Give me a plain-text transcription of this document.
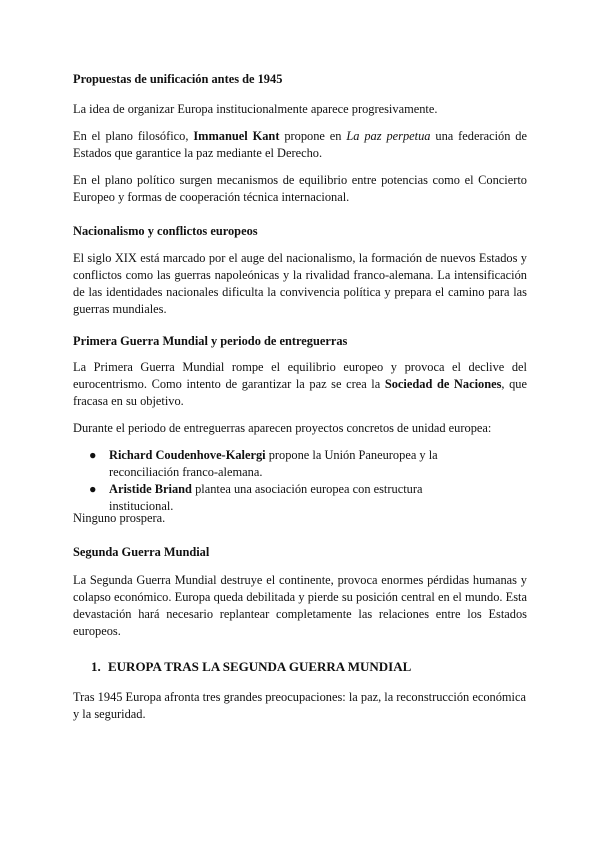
Propuestas de unificación antes de 1945

La idea de organizar Europa institucionalmente aparece progresivamente.

En el plano filosófico, Immanuel Kant propone en La paz perpetua una federación de Estados que garantice la paz mediante el Derecho.

En el plano político surgen mecanismos de equilibrio entre potencias como el Concierto Europeo y formas de cooperación técnica internacional.

Nacionalismo y conflictos europeos

El siglo XIX está marcado por el auge del nacionalismo, la formación de nuevos Estados y conflictos como las guerras napoleónicas y la rivalidad franco-alemana. La intensificación de las identidades nacionales dificulta la convivencia política y prepara el camino para las guerras mundiales.

Primera Guerra Mundial y periodo de entreguerras

La Primera Guerra Mundial rompe el equilibrio europeo y provoca el declive del eurocentrismo. Como intento de garantizar la paz se crea la Sociedad de Naciones, que fracasa en su objetivo.

Durante el periodo de entreguerras aparecen proyectos concretos de unidad europea:

● Richard Coudenhove-Kalergi propone la Unión Paneuropea y la reconciliación franco-alemana.
● Aristide Briand plantea una asociación europea con estructura institucional.

Ninguno prospera.

Segunda Guerra Mundial

La Segunda Guerra Mundial destruye el continente, provoca enormes pérdidas humanas y colapso económico. Europa queda debilitada y pierde su posición central en el mundo. Esta devastación hará necesario replantear completamente las relaciones entre los Estados europeos.

1. EUROPA TRAS LA SEGUNDA GUERRA MUNDIAL

Tras 1945 Europa afronta tres grandes preocupaciones: la paz, la reconstrucción económica y la seguridad.
